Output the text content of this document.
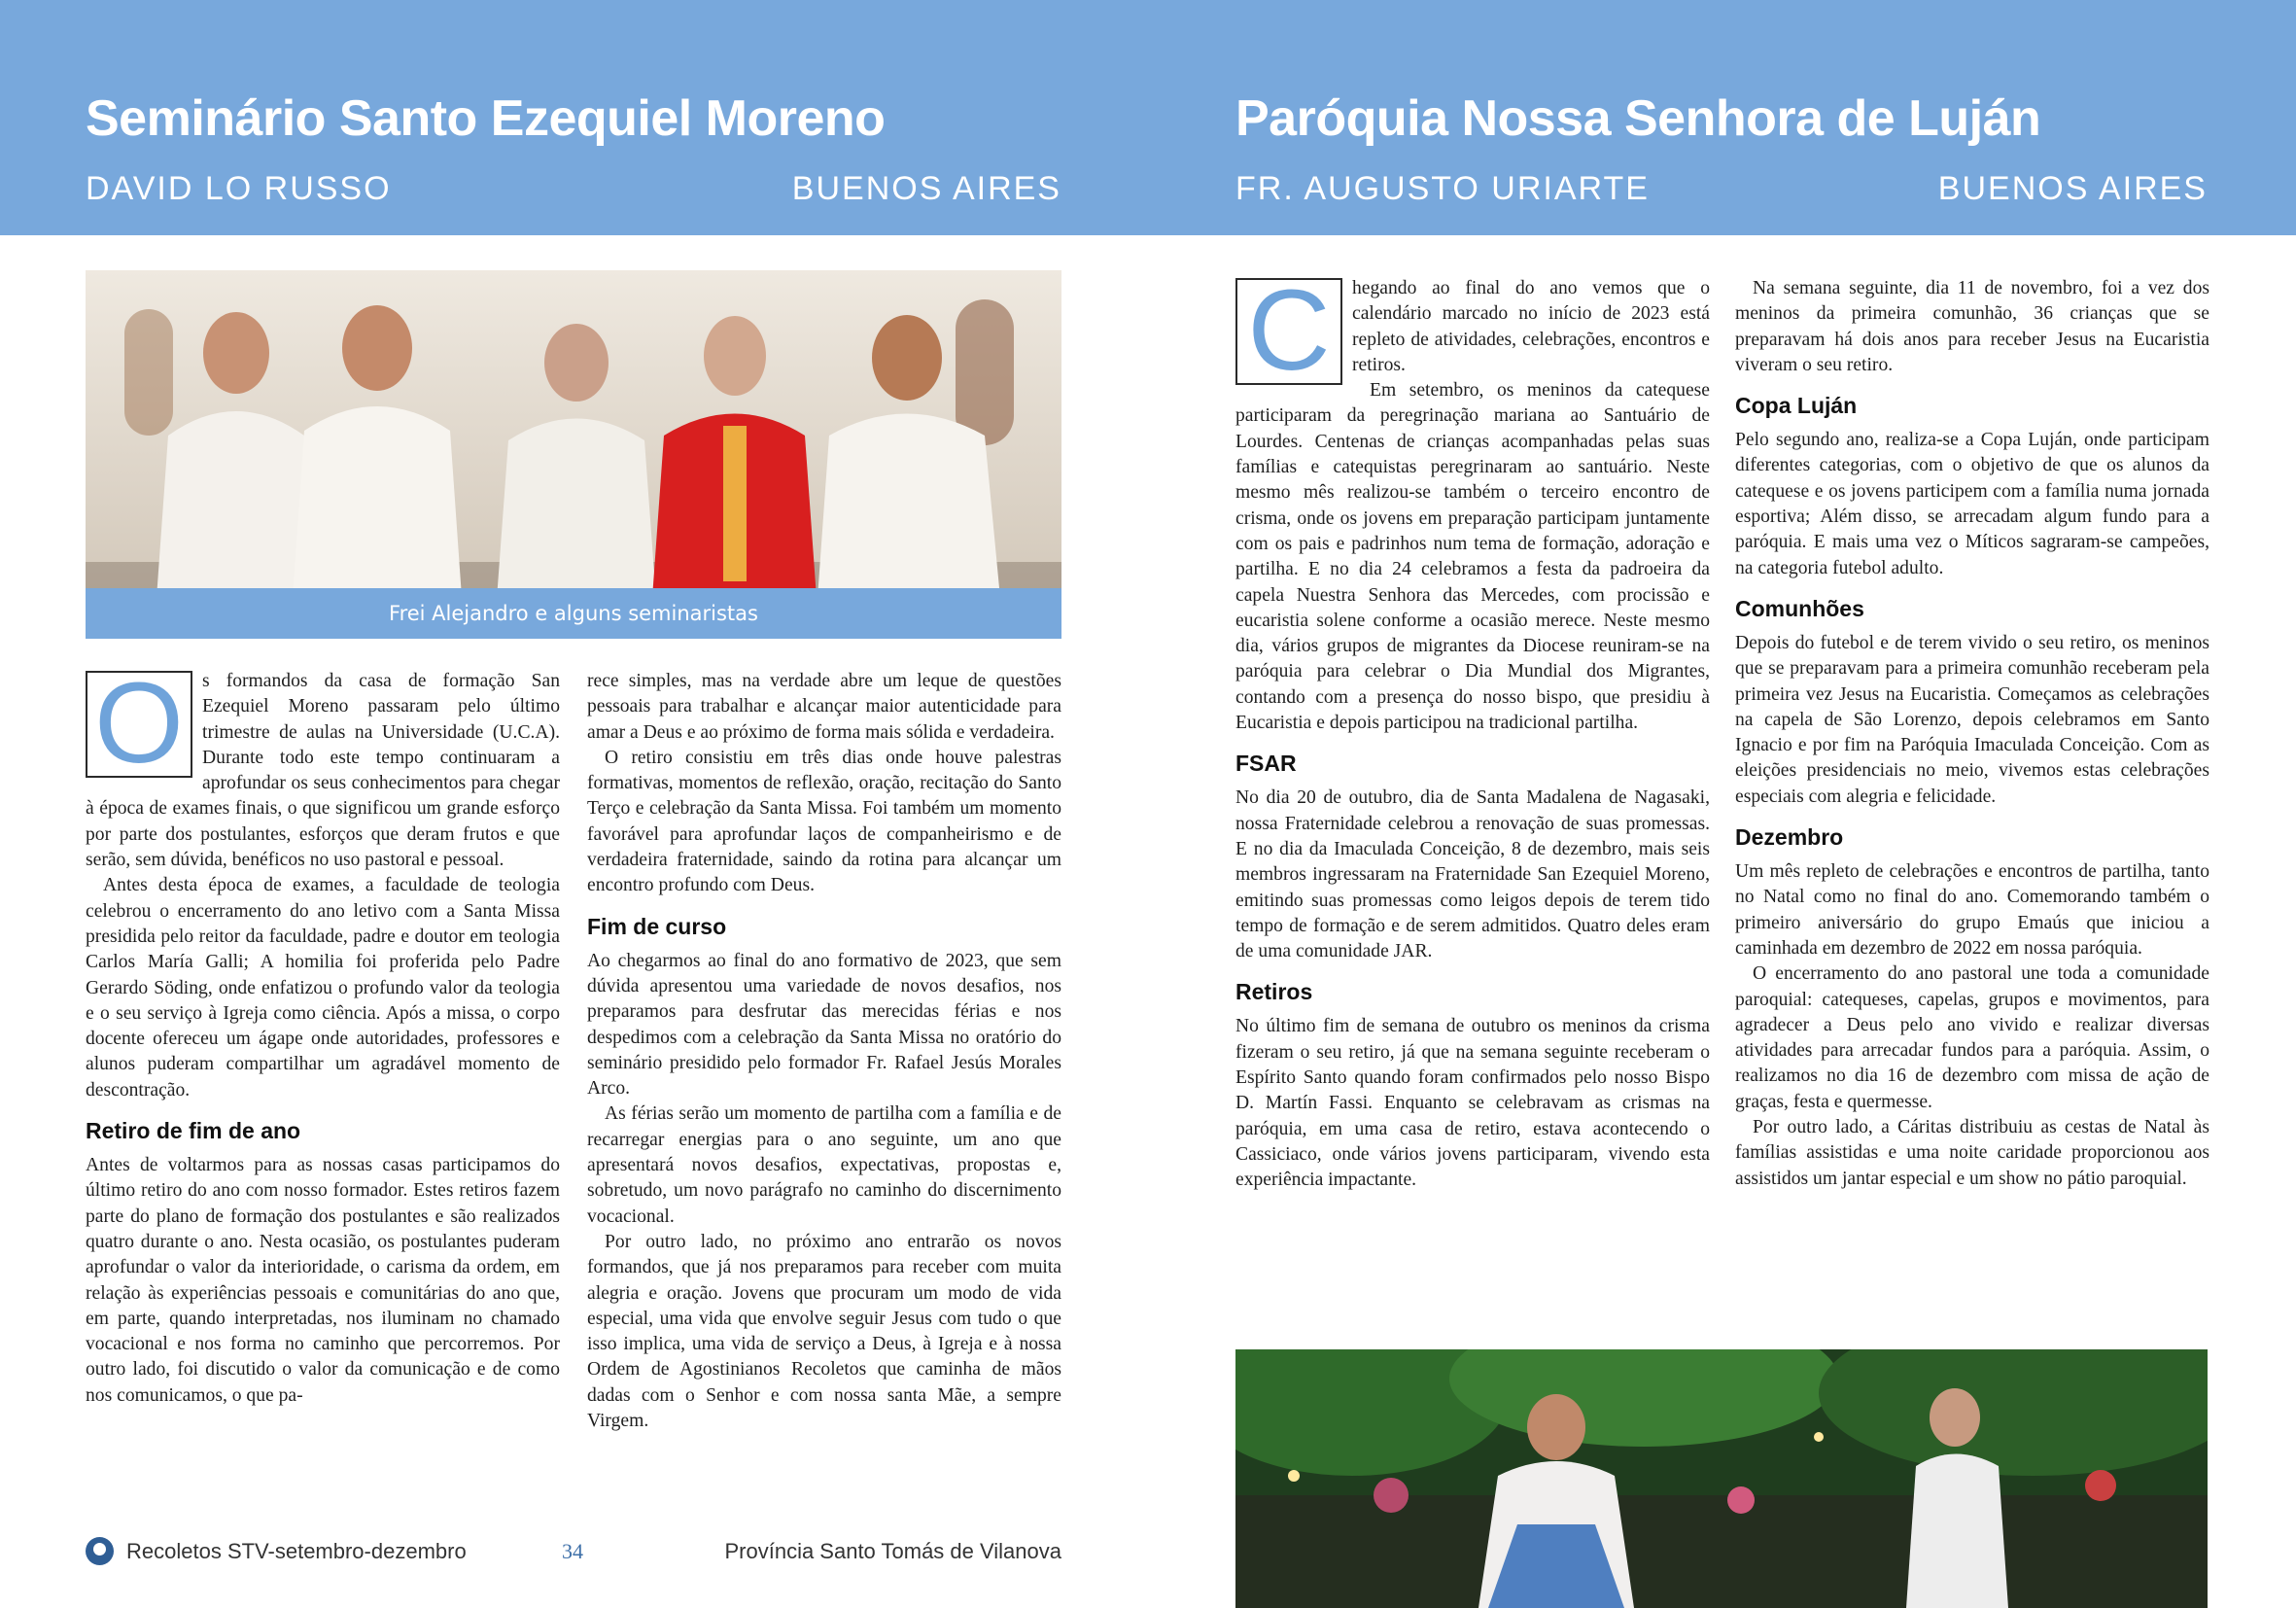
Seminário Santo Ezequiel Moreno
DAVID LO RUSSO	BUENOS AIRES
Frei Alejandro e alguns seminaristas
O s formandos da casa de formação San Ezequiel Moreno passaram pelo último trimestre de aulas na Universidade (U.C.A). Durante todo este tempo continuaram a aprofundar os seus conhecimentos para chegar à época de exames finais, o que significou um grande esforço por parte dos postulantes, esforços que deram frutos e que serão, sem dúvida, benéficos no uso pastoral e pessoal.

Antes desta época de exames, a faculdade de teologia celebrou o encerramento do ano letivo com a Santa Missa presidida pelo reitor da faculdade, padre e doutor em teologia Carlos María Galli; A homilia foi proferida pelo Padre Gerardo Söding, onde enfatizou o profundo valor da teologia e o seu serviço à Igreja como ciência. Após a missa, o corpo docente ofereceu um ágape onde autoridades, professores e alunos puderam compartilhar um agradável momento de descontração.

Retiro de fim de ano

Antes de voltarmos para as nossas casas participamos do último retiro do ano com nosso formador. Estes retiros fazem parte do plano de formação dos postulantes e são realizados quatro durante o ano. Nesta ocasião, os postulantes puderam aprofundar o valor da interioridade, o carisma da ordem, em relação às experiências pessoais e comunitárias do ano que, em parte, quando interpretadas, nos iluminam no chamado vocacional e nos forma no caminho que percorremos. Por outro lado, foi discutido o valor da comunicação e de como nos comunicamos, o que pa-

rece simples, mas na verdade abre um leque de questões pessoais para trabalhar e alcançar maior autenticidade para amar a Deus e ao próximo de forma mais sólida e verdadeira.

O retiro consistiu em três dias onde houve palestras formativas, momentos de reflexão, oração, recitação do Santo Terço e celebração da Santa Missa. Foi também um momento favorável para aprofundar laços de companheirismo e de verdadeira fraternidade, saindo da rotina para alcançar um encontro profundo com Deus.

Fim de curso

Ao chegarmos ao final do ano formativo de 2023, que sem dúvida apresentou uma variedade de novos desafios, nos preparamos para desfrutar das merecidas férias e nos despedimos com a celebração da Santa Missa no oratório do seminário presidido pelo formador Fr. Rafael Jesús Morales Arco.

As férias serão um momento de partilha com a família e de recarregar energias para o ano seguinte, um ano que apresentará novos desafios, expectativas, propostas e, sobretudo, um novo parágrafo no caminho do discernimento vocacional.

Por outro lado, no próximo ano entrarão os novos formandos, que já nos preparamos para receber com muita alegria e oração. Jovens que procuram um modo de vida especial, uma vida que envolve seguir Jesus com tudo o que isso implica, uma vida de serviço a Deus, à Igreja e à nossa Ordem de Agostinianos Recoletos que caminha de mãos dadas com o Senhor e com nossa santa Mãe, a sempre Virgem.

Recoletos STV-setembro-dezembro	34	Província Santo Tomás de Vilanova
Paróquia Nossa Senhora de Luján
FR. AUGUSTO URIARTE	BUENOS AIRES
C	hegando ao final do ano vemos que o calendário marcado no início de 2023 está repleto de atividades, celebrações, encontros e retiros.

Em setembro, os meninos da catequese participaram da peregrinação mariana ao Santuário de Lourdes. Centenas de crianças acompanhadas pelas suas famílias e catequistas peregrinaram ao santuário. Neste mesmo mês realizou-se também o terceiro encontro de crisma, onde os jovens em preparação participam juntamente com os pais e padrinhos num tema de formação, adoração e partilha. E no dia 24 celebramos a festa da padroeira da capela Nuestra Senhora das Mercedes, com procissão e eucaristia solene conforme a ocasião merece. Neste mesmo dia, vários grupos de migrantes da Diocese reuniram-se na paróquia para celebrar o Dia Mundial dos Migrantes, contando com a presença do nosso bispo, que presidiu à Eucaristia e depois participou na tradicional partilha.

FSAR

No dia 20 de outubro, dia de Santa Madalena de Nagasaki, nossa Fraternidade celebrou a renovação de suas promessas. E no dia da Imaculada Conceição, 8 de dezembro, mais seis membros ingressaram na Fraternidade San Ezequiel Moreno, emitindo suas promessas como leigos depois de terem tido tempo de formação e de serem admitidos. Quatro deles eram de uma comunidade JAR.

Retiros

No último fim de semana de outubro os meninos da crisma fizeram o seu retiro, já que na semana seguinte receberam o Espírito Santo quando foram confirmados pelo nosso Bispo D. Martín Fassi. Enquanto se celebravam as crismas na paróquia, em uma casa de retiro, estava acontecendo o Cassiciaco, onde vários jovens participaram, vivendo esta experiência impactante.

Na semana seguinte, dia 11 de novembro, foi a vez dos meninos da primeira comunhão, 36 crianças que se preparavam há dois anos para receber Jesus na Eucaristia viveram o seu retiro.

Copa Luján

Pelo segundo ano, realiza-se a Copa Luján, onde participam diferentes categorias, com o objetivo de que os alunos da catequese e os jovens participem com a família numa jornada esportiva; Além disso, se arrecadam algum fundo para a paróquia. E mais uma vez o Míticos sagraram-se campeões, na categoria futebol adulto.

Comunhões

Depois do futebol e de terem vivido o seu retiro, os meninos que se preparavam para a primeira comunhão receberam pela primeira vez Jesus na Eucaristia. Começamos as celebrações na capela de São Lorenzo, depois celebramos em Santo Ignacio e por fim na Paróquia Imaculada Conceição. Com as eleições presidenciais no meio, vivemos estas celebrações especiais com alegria e felicidade.

Dezembro

Um mês repleto de celebrações e encontros de partilha, tanto no Natal como no final do ano. Comemorando também o primeiro aniversário do grupo Emaús que iniciou a caminhada em dezembro de 2022 em nossa paróquia.

O encerramento do ano pastoral une toda a comunidade paroquial: catequeses, capelas, grupos e movimentos, para agradecer a Deus pelo ano vivido e realizar diversas atividades para arrecadar fundos para a paróquia. Assim, o realizamos no dia 16 de dezembro com missa de ação de graças, festa e quermesse.

Por outro lado, a Cáritas distribuiu as cestas de Natal às famílias assistidas e uma noite caridade proporcionou aos assistidos um jantar especial e um show no pátio paroquial.
